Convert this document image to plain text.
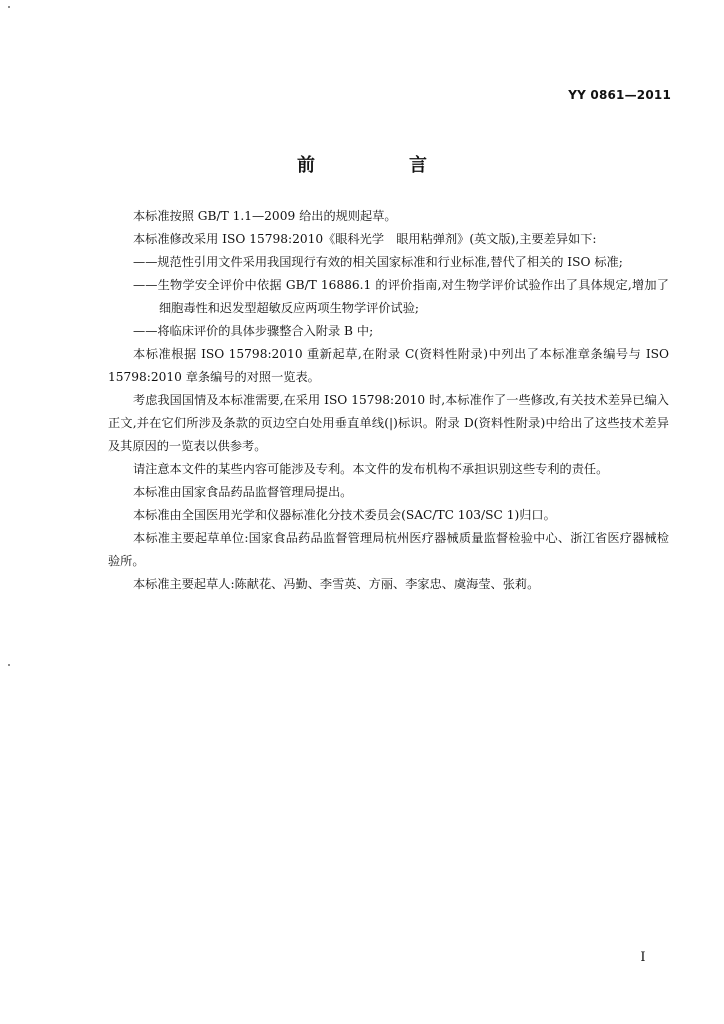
YY 0861—2011
前　言

本标准按照 GB/T 1.1—2009 给出的规则起草。

本标准修改采用 ISO 15798:2010《眼科光学　眼用粘弹剂》(英文版),主要差异如下:

——规范性引用文件采用我国现行有效的相关国家标准和行业标准,替代了相关的 ISO 标准;

——生物学安全评价中依据 GB/T 16886.1 的评价指南,对生物学评价试验作出了具体规定,增加了细胞毒性和迟发型超敏反应两项生物学评价试验;

——将临床评价的具体步骤整合入附录 B 中;

本标准根据 ISO 15798:2010 重新起草,在附录 C(资料性附录)中列出了本标准章条编号与 ISO 15798:2010 章条编号的对照一览表。

考虑我国国情及本标准需要,在采用 ISO 15798:2010 时,本标准作了一些修改,有关技术差异已编入正文,并在它们所涉及条款的页边空白处用垂直单线(|)标识。附录 D(资料性附录)中给出了这些技术差异及其原因的一览表以供参考。

请注意本文件的某些内容可能涉及专利。本文件的发布机构不承担识别这些专利的责任。

本标准由国家食品药品监督管理局提出。

本标准由全国医用光学和仪器标准化分技术委员会(SAC/TC 103/SC 1)归口。

本标准主要起草单位:国家食品药品监督管理局杭州医疗器械质量监督检验中心、浙江省医疗器械检验所。

本标准主要起草人:陈献花、冯勤、李雪英、方丽、李家忠、虞海莹、张莉。

I
